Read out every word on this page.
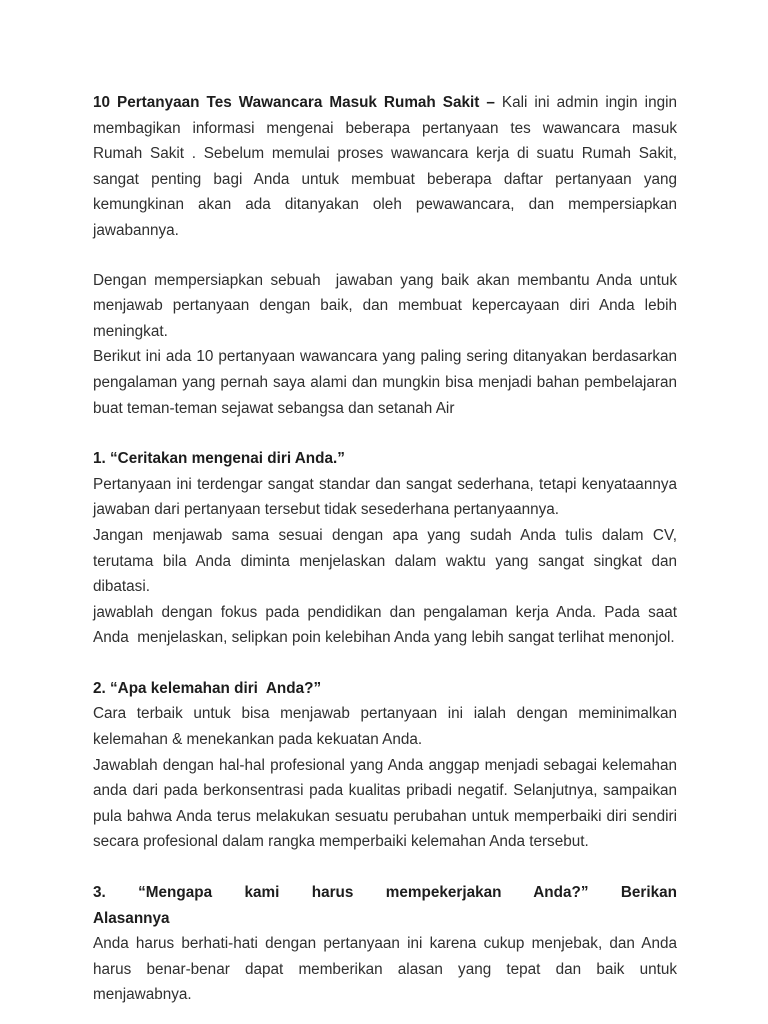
10 Pertanyaan Tes Wawancara Masuk Rumah Sakit – Kali ini admin ingin ingin membagikan informasi mengenai beberapa pertanyaan tes wawancara masuk Rumah Sakit . Sebelum memulai proses wawancara kerja di suatu Rumah Sakit, sangat penting bagi Anda untuk membuat beberapa daftar pertanyaan yang kemungkinan akan ada ditanyakan oleh pewawancara, dan mempersiapkan jawabannya.

Dengan mempersiapkan sebuah  jawaban yang baik akan membantu Anda untuk menjawab pertanyaan dengan baik, dan membuat kepercayaan diri Anda lebih meningkat.

Berikut ini ada 10 pertanyaan wawancara yang paling sering ditanyakan berdasarkan pengalaman yang pernah saya alami dan mungkin bisa menjadi bahan pembelajaran buat teman-teman sejawat sebangsa dan setanah Air

1. “Ceritakan mengenai diri Anda.”

Pertanyaan ini terdengar sangat standar dan sangat sederhana, tetapi kenyataannya jawaban dari pertanyaan tersebut tidak sesederhana pertanyaannya.

Jangan menjawab sama sesuai dengan apa yang sudah Anda tulis dalam CV, terutama bila Anda diminta menjelaskan dalam waktu yang sangat singkat dan dibatasi.

jawablah dengan fokus pada pendidikan dan pengalaman kerja Anda. Pada saat Anda  menjelaskan, selipkan poin kelebihan Anda yang lebih sangat terlihat menonjol.

2. “Apa kelemahan diri  Anda?”

Cara terbaik untuk bisa menjawab pertanyaan ini ialah dengan meminimalkan kelemahan & menekankan pada kekuatan Anda.

Jawablah dengan hal-hal profesional yang Anda anggap menjadi sebagai kelemahan anda dari pada berkonsentrasi pada kualitas pribadi negatif. Selanjutnya, sampaikan pula bahwa Anda terus melakukan sesuatu perubahan untuk memperbaiki diri sendiri secara profesional dalam rangka memperbaiki kelemahan Anda tersebut.

3.  “Mengapa  kami  harus  mempekerjakan  Anda?”  Berikan

Alasannya

Anda harus berhati-hati dengan pertanyaan ini karena cukup menjebak, dan Anda harus benar-benar dapat memberikan alasan yang tepat dan baik untuk menjawabnya.
